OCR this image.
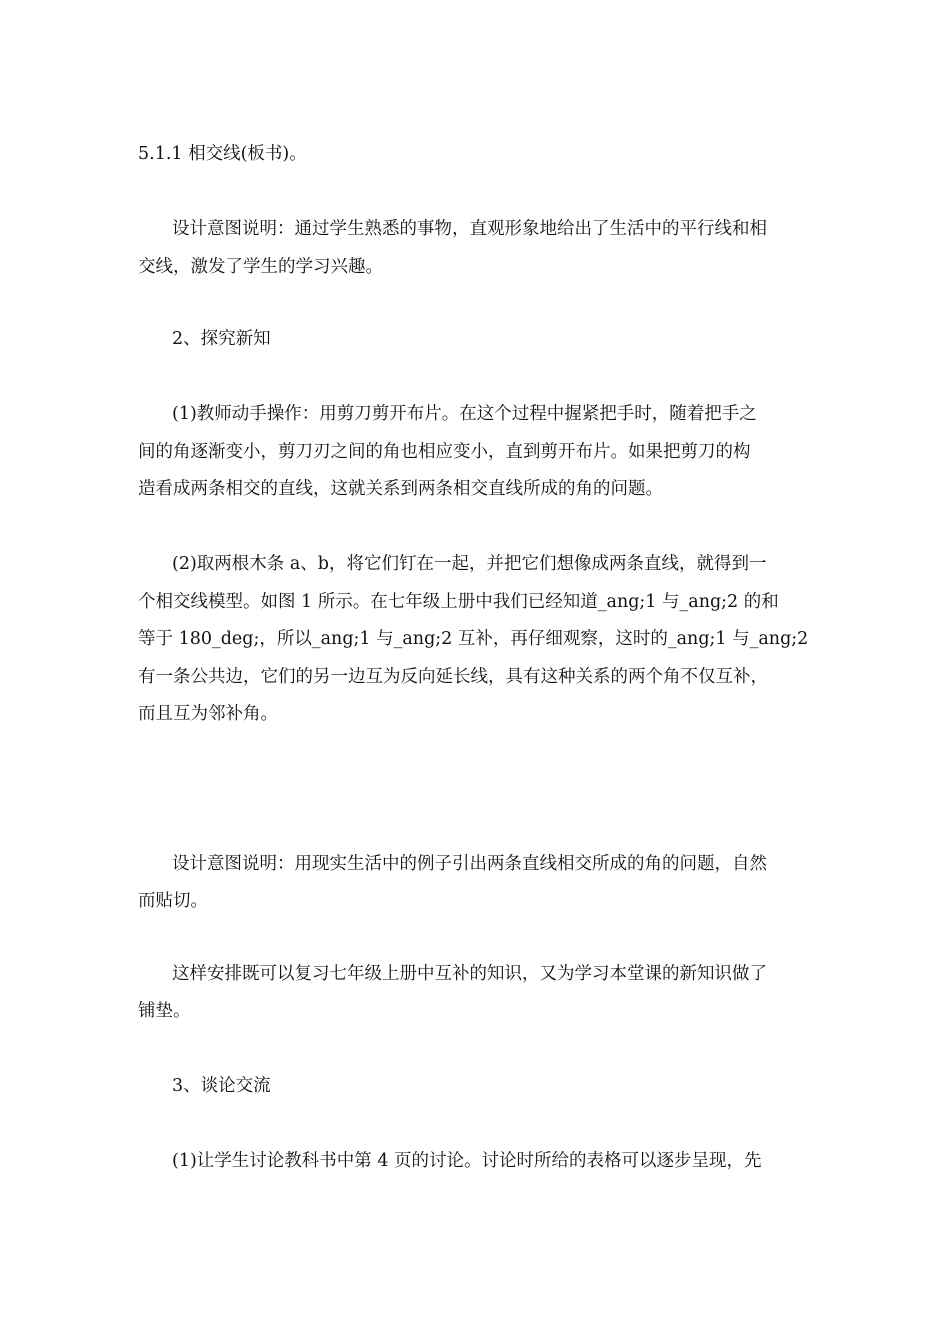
5.1.1 相交线(板书)。
设计意图说明：通过学生熟悉的事物，直观形象地给出了生活中的平行线和相
交线，激发了学生的学习兴趣。
2、探究新知
(1)教师动手操作：用剪刀剪开布片。在这个过程中握紧把手时，随着把手之
间的角逐渐变小，剪刀刃之间的角也相应变小，直到剪开布片。如果把剪刀的构
造看成两条相交的直线，这就关系到两条相交直线所成的角的问题。
(2)取两根木条 a、b，将它们钉在一起，并把它们想像成两条直线，就得到一
个相交线模型。如图 1 所示。在七年级上册中我们已经知道_ang;1 与_ang;2 的和
等于 180_deg;，所以_ang;1 与_ang;2 互补，再仔细观察，这时的_ang;1 与_ang;2
有一条公共边，它们的另一边互为反向延长线，具有这种关系的两个角不仅互补，
而且互为邻补角。
设计意图说明：用现实生活中的例子引出两条直线相交所成的角的问题，自然
而贴切。
这样安排既可以复习七年级上册中互补的知识，又为学习本堂课的新知识做了
铺垫。
3、谈论交流
(1)让学生讨论教科书中第 4 页的讨论。讨论时所给的表格可以逐步呈现，先
